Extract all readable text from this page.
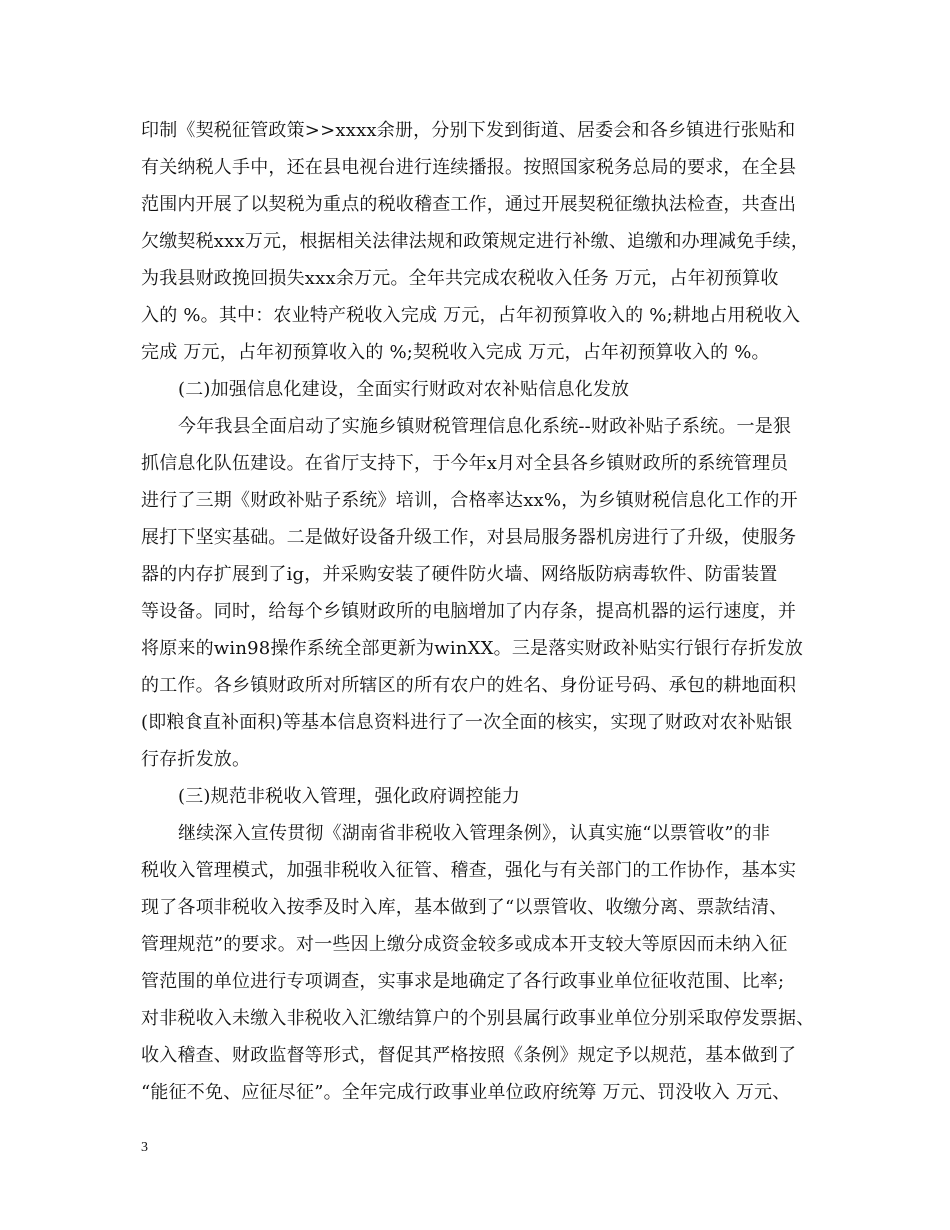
印制《契税征管政策>>xxxx余册，分别下发到街道、居委会和各乡镇进行张贴和
有关纳税人手中，还在县电视台进行连续播报。按照国家税务总局的要求，在全县
范围内开展了以契税为重点的税收稽查工作，通过开展契税征缴执法检查，共查出
欠缴契税xxx万元，根据相关法律法规和政策规定进行补缴、追缴和办理减免手续，
为我县财政挽回损失xxx余万元。全年共完成农税收入任务 万元，占年初预算收
入的 %。其中：农业特产税收入完成 万元，占年初预算收入的 %;耕地占用税收入
完成 万元，占年初预算收入的 %;契税收入完成 万元，占年初预算收入的 %。
(二)加强信息化建设，全面实行财政对农补贴信息化发放
今年我县全面启动了实施乡镇财税管理信息化系统--财政补贴子系统。一是狠
抓信息化队伍建设。在省厅支持下，于今年x月对全县各乡镇财政所的系统管理员
进行了三期《财政补贴子系统》培训，合格率达xx%，为乡镇财税信息化工作的开
展打下坚实基础。二是做好设备升级工作，对县局服务器机房进行了升级，使服务
器的内存扩展到了ig，并采购安装了硬件防火墙、网络版防病毒软件、防雷装置
等设备。同时，给每个乡镇财政所的电脑增加了内存条，提高机器的运行速度，并
将原来的win98操作系统全部更新为winXX。三是落实财政补贴实行银行存折发放
的工作。各乡镇财政所对所辖区的所有农户的姓名、身份证号码、承包的耕地面积
(即粮食直补面积)等基本信息资料进行了一次全面的核实，实现了财政对农补贴银
行存折发放。
(三)规范非税收入管理，强化政府调控能力
继续深入宣传贯彻《湖南省非税收入管理条例》，认真实施“以票管收”的非
税收入管理模式，加强非税收入征管、稽查，强化与有关部门的工作协作，基本实
现了各项非税收入按季及时入库，基本做到了“以票管收、收缴分离、票款结清、
管理规范”的要求。对一些因上缴分成资金较多或成本开支较大等原因而未纳入征
管范围的单位进行专项调查，实事求是地确定了各行政事业单位征收范围、比率;
对非税收入未缴入非税收入汇缴结算户的个别县属行政事业单位分别采取停发票据、
收入稽查、财政监督等形式，督促其严格按照《条例》规定予以规范，基本做到了
“能征不免、应征尽征”。全年完成行政事业单位政府统筹 万元、罚没收入 万元、
3
